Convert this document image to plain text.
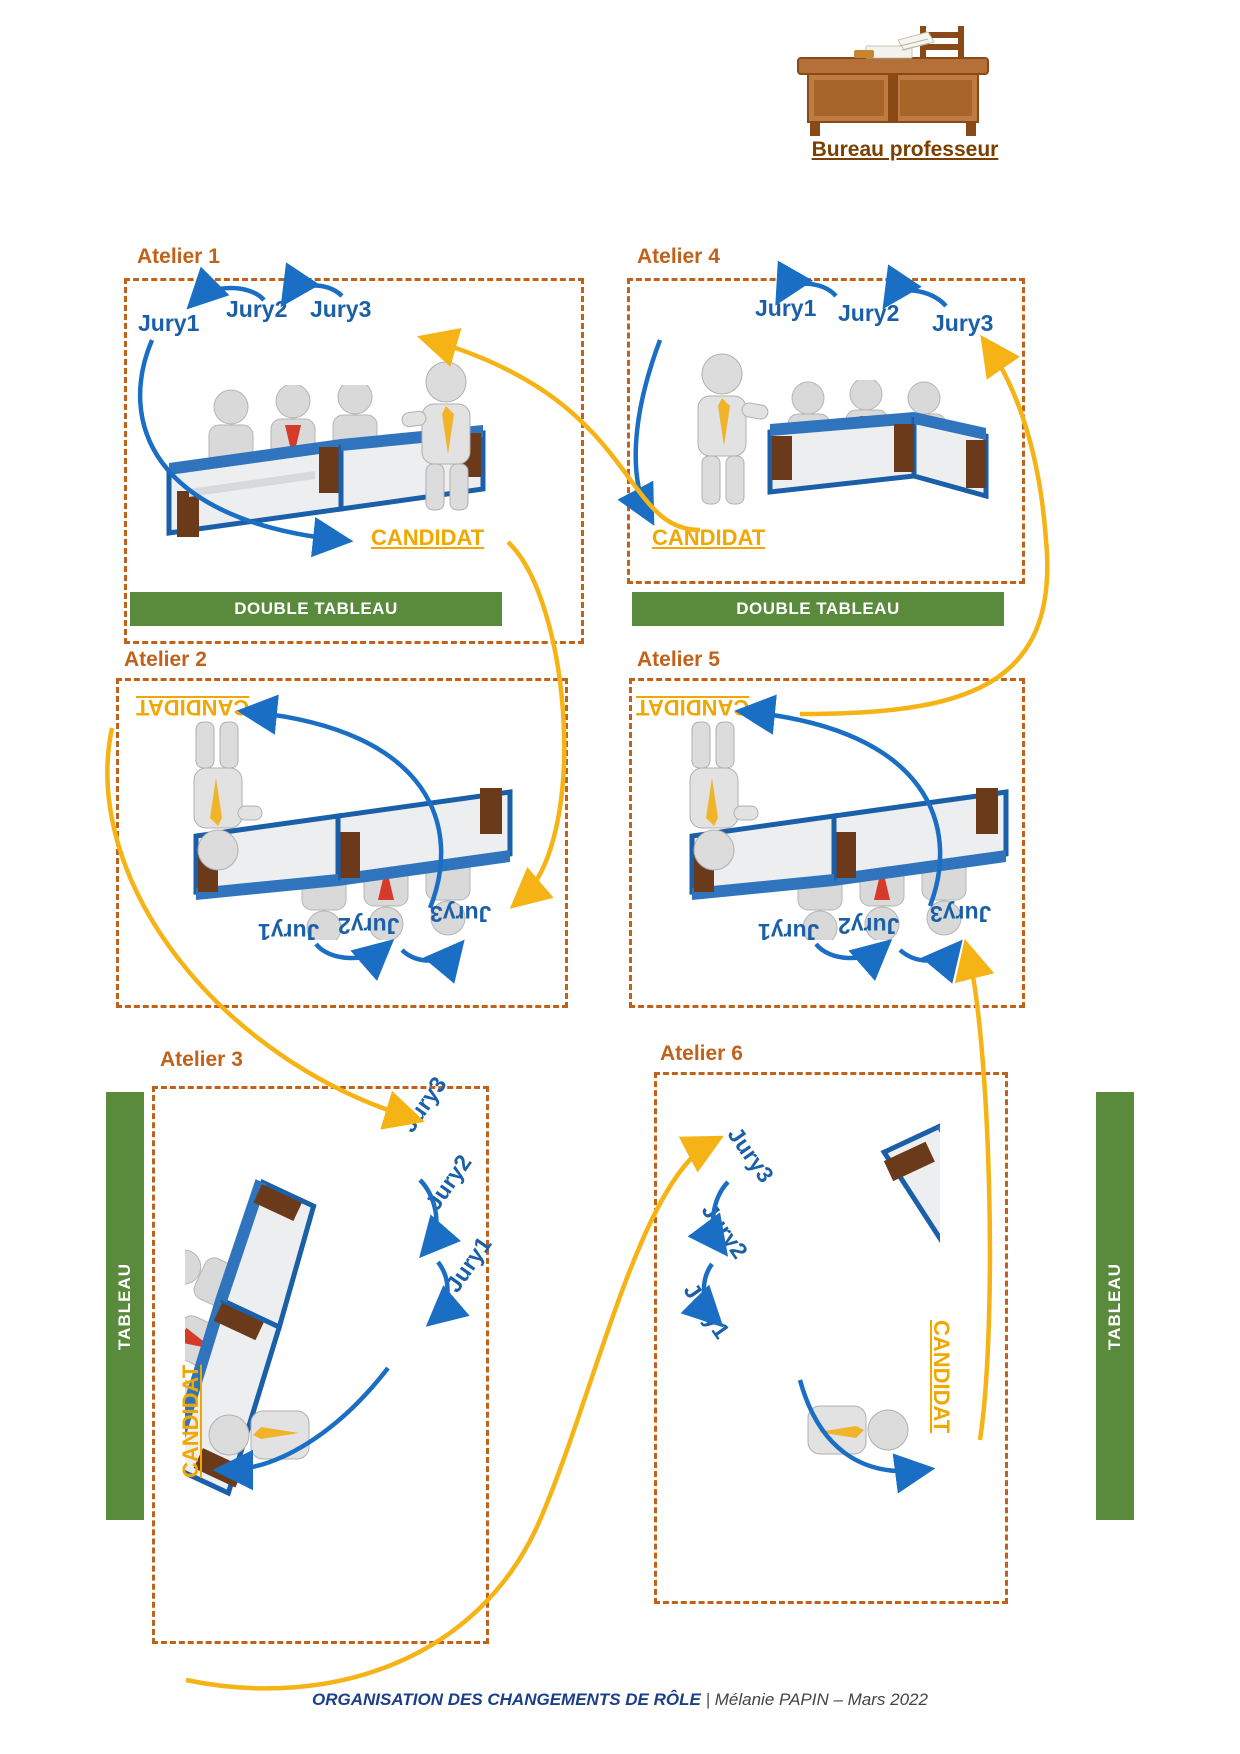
Bureau professeur
Atelier 1
Jury1
Jury2 Jury3
CANDIDAT
Atelier 4
Jury1 Jury2 Jury3
CANDIDAT
DOUBLE TABLEAU	DOUBLE TABLEAU
Atelier 2
CANDIDAT
Jury1 Jury2 Jury3
Atelier 5
CANDIDAT
Jury1 Jury2 Jury3
Atelier 3
Jury3
Jury2
Jury1
CANDIDAT
Atelier 6
Jury3
Jury2
Jury1
CANDIDAT
TABLEAU	TABLEAU
ORGANISATION DES CHANGEMENTS DE RÔLE | Mélanie PAPIN – Mars 2022
